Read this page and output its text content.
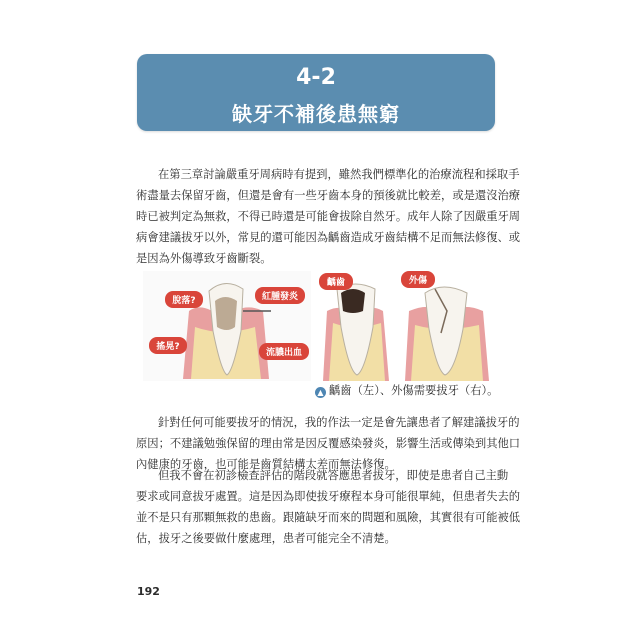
4-2
缺牙不補後患無窮

在第三章討論嚴重牙周病時有提到，雖然我們標準化的治療流程和採取手
術盡量去保留牙齒，但還是會有一些牙齒本身的預後就比較差，或是還沒治療
時已被判定為無救，不得已時還是可能會拔除自然牙。成年人除了因嚴重牙周
病會建議拔牙以外，常見的還可能因為齲齒造成牙齒結構不足而無法修復、或
是因為外傷導致牙齒斷裂。

脫落?	紅腫發炎
搖晃?
流膿出血
齲齒	外傷
▲ 齲齒（左）、外傷需要拔牙（右）。

針對任何可能要拔牙的情況，我的作法一定是會先讓患者了解建議拔牙的
原因；不建議勉強保留的理由常是因反覆感染發炎，影響生活或傳染到其他口
內健康的牙齒，也可能是齒質結構太差而無法修復。

但我不會在初診檢查評估的階段就答應患者拔牙，即使是患者自己主動
要求或同意拔牙處置。這是因為即使拔牙療程本身可能很單純，但患者失去的
並不是只有那顆無救的患齒。跟隨缺牙而來的問題和風險，其實很有可能被低
估，拔牙之後要做什麼處理，患者可能完全不清楚。

192
